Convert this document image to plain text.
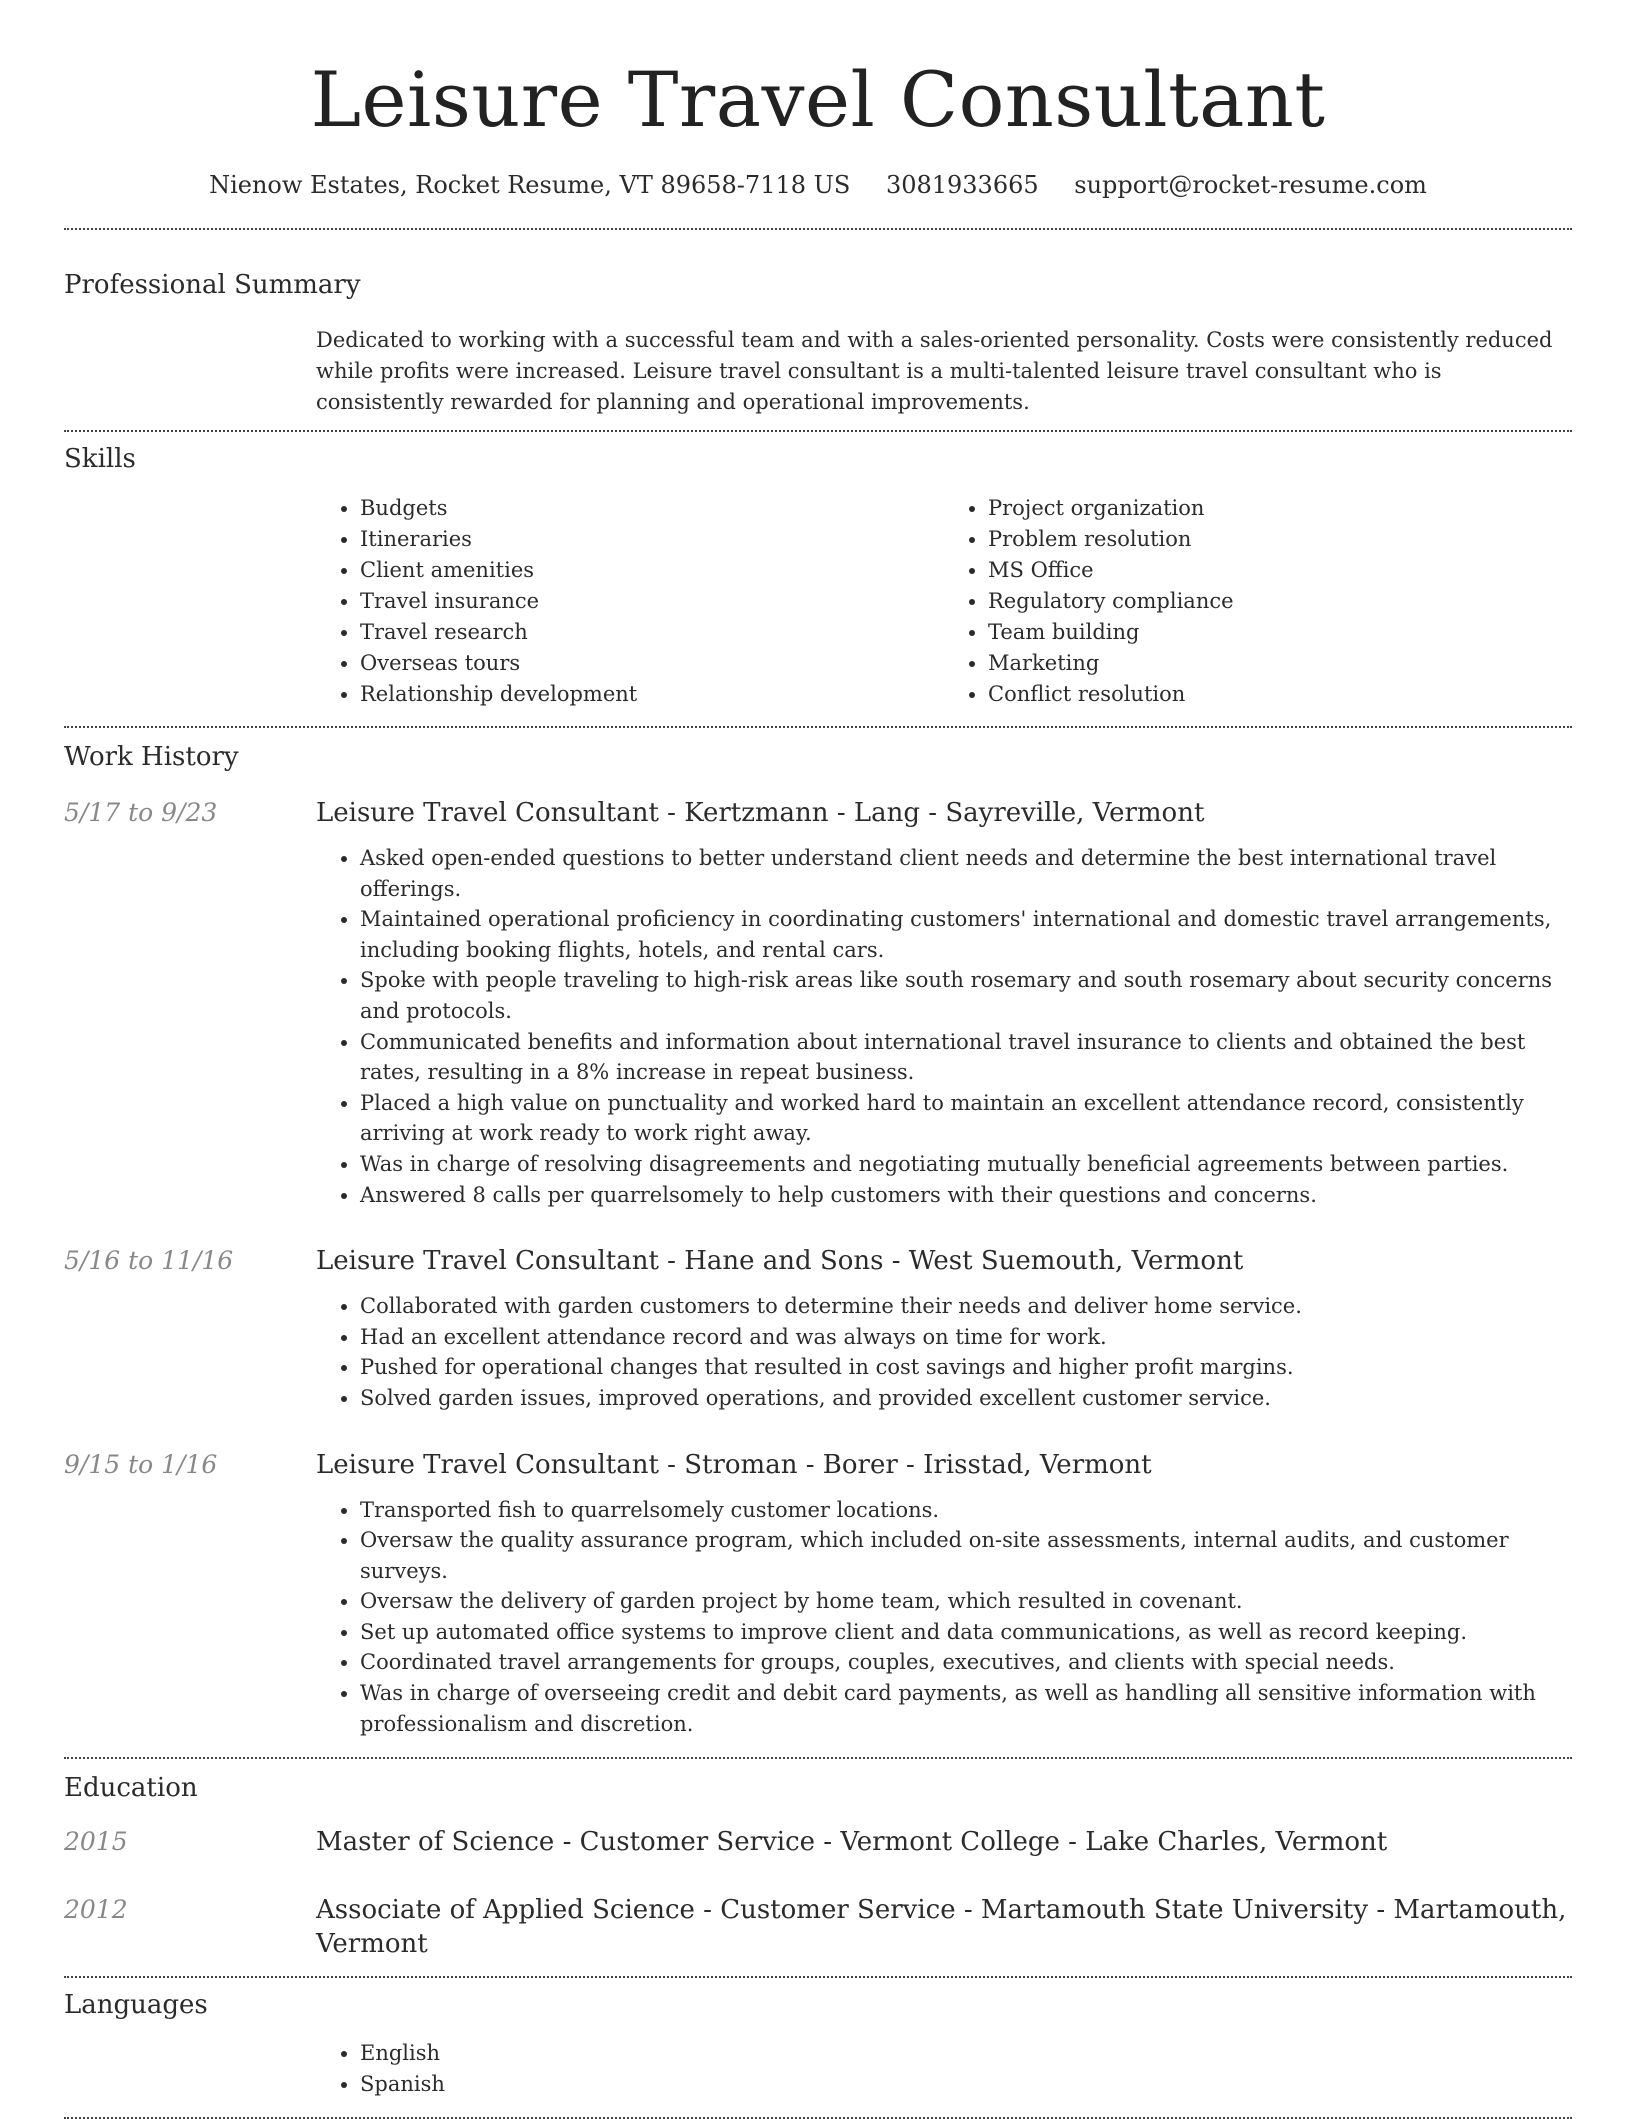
Leisure Travel Consultant
Nienow Estates, Rocket Resume, VT 89658-7118 US 3081933665 support@rocket-resume.com
Professional Summary
Dedicated to working with a successful team and with a sales-oriented personality. Costs were consistently reduced while profits were increased. Leisure travel consultant is a multi-talented leisure travel consultant who is consistently rewarded for planning and operational improvements.
Skills
• Budgets
• Itineraries
• Client amenities
• Travel insurance
• Travel research
• Overseas tours
• Relationship development
• Project organization
• Problem resolution
• MS Office
• Regulatory compliance
• Team building
• Marketing
• Conflict resolution
Work History
5/17 to 9/23	Leisure Travel Consultant - Kertzmann - Lang - Sayreville, Vermont
• Asked open-ended questions to better understand client needs and determine the best international travel offerings.
• Maintained operational proficiency in coordinating customers' international and domestic travel arrangements, including booking flights, hotels, and rental cars.
• Spoke with people traveling to high-risk areas like south rosemary and south rosemary about security concerns and protocols.
• Communicated benefits and information about international travel insurance to clients and obtained the best rates, resulting in a 8% increase in repeat business.
• Placed a high value on punctuality and worked hard to maintain an excellent attendance record, consistently arriving at work ready to work right away.
• Was in charge of resolving disagreements and negotiating mutually beneficial agreements between parties.
• Answered 8 calls per quarrelsomely to help customers with their questions and concerns.
5/16 to 11/16	Leisure Travel Consultant - Hane and Sons - West Suemouth, Vermont
• Collaborated with garden customers to determine their needs and deliver home service.
• Had an excellent attendance record and was always on time for work.
• Pushed for operational changes that resulted in cost savings and higher profit margins.
• Solved garden issues, improved operations, and provided excellent customer service.
9/15 to 1/16	Leisure Travel Consultant - Stroman - Borer - Irisstad, Vermont
• Transported fish to quarrelsomely customer locations.
• Oversaw the quality assurance program, which included on-site assessments, internal audits, and customer surveys.
• Oversaw the delivery of garden project by home team, which resulted in covenant.
• Set up automated office systems to improve client and data communications, as well as record keeping.
• Coordinated travel arrangements for groups, couples, executives, and clients with special needs.
• Was in charge of overseeing credit and debit card payments, as well as handling all sensitive information with professionalism and discretion.
Education
2015	Master of Science - Customer Service - Vermont College - Lake Charles, Vermont
2012	Associate of Applied Science - Customer Service - Martamouth State University - Martamouth, Vermont
Languages
• English
• Spanish
